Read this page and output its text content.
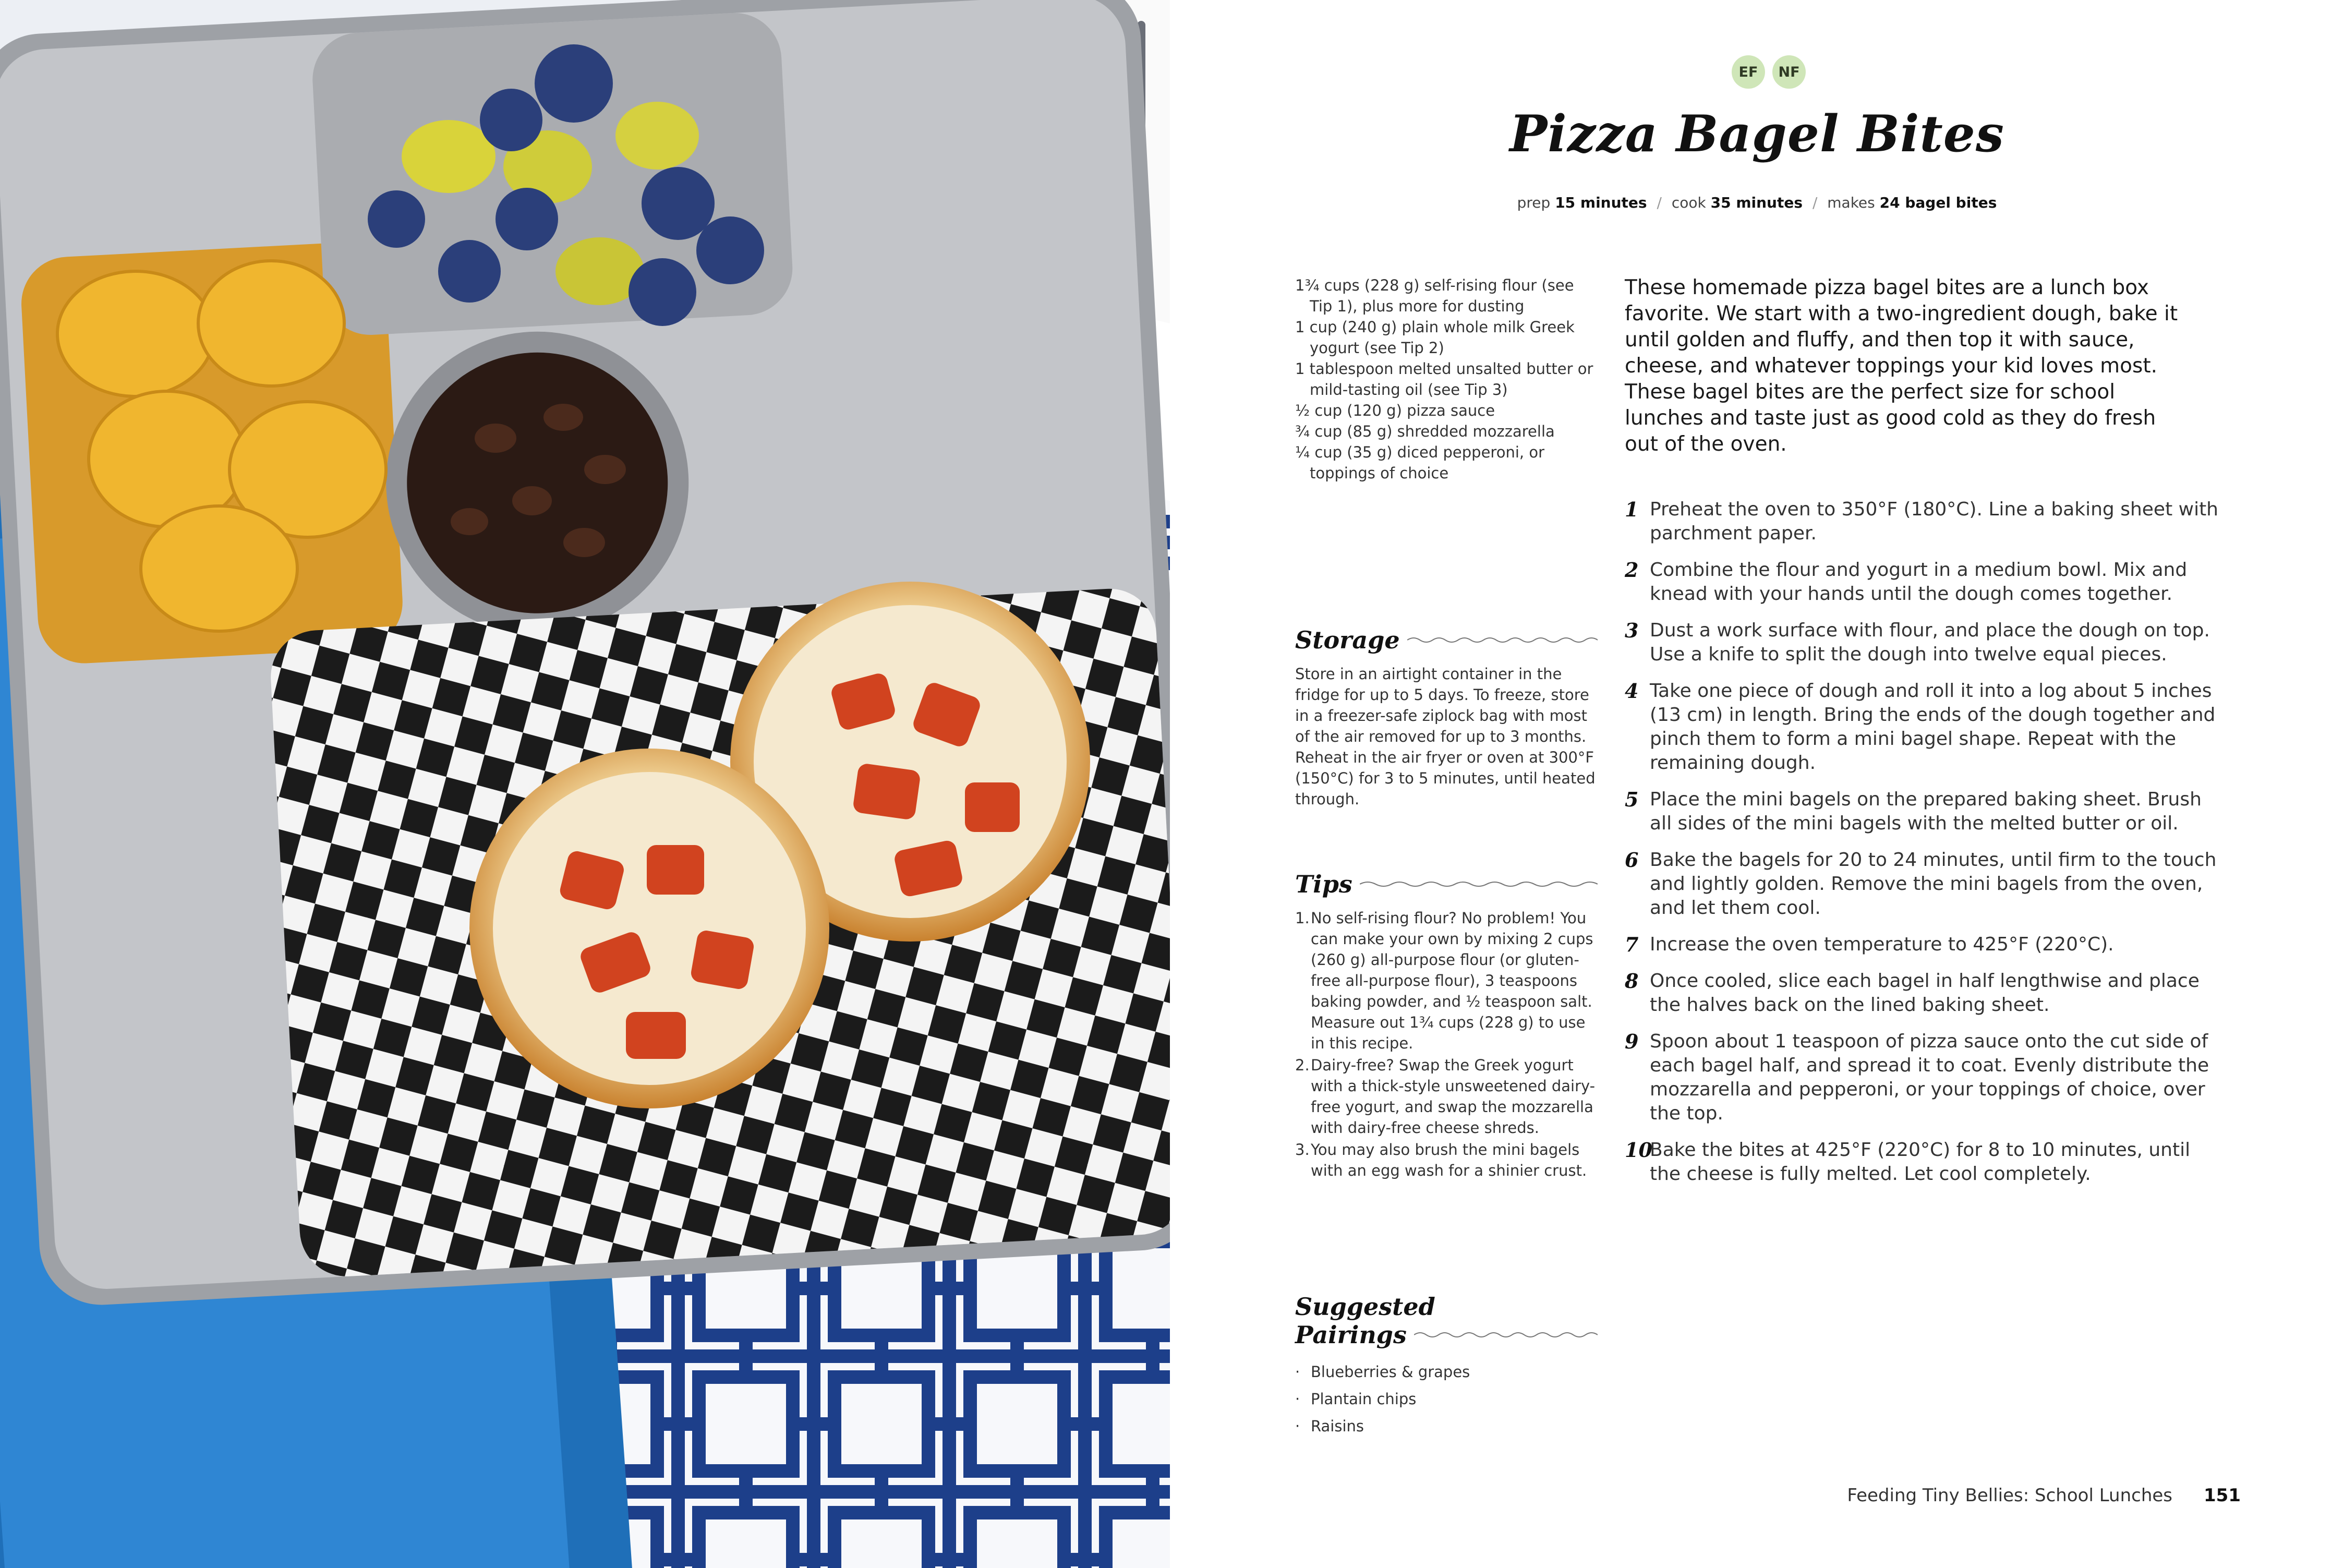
EF	NF
Pizza Bagel Bites
prep 15 minutes / cook 35 minutes / makes 24 bagel bites
1¾ cups (228 g) self-rising flour (see Tip 1), plus more for dusting
1 cup (240 g) plain whole milk Greek yogurt (see Tip 2)
1 tablespoon melted unsalted butter or mild-tasting oil (see Tip 3)
½ cup (120 g) pizza sauce
¾ cup (85 g) shredded mozzarella
¼ cup (35 g) diced pepperoni, or toppings of choice
Storage
Store in an airtight container in the fridge for up to 5 days. To freeze, store in a freezer-safe ziplock bag with most of the air removed for up to 3 months. Reheat in the air fryer or oven at 300°F (150°C) for 3 to 5 minutes, until heated through.
Tips
1. No self-rising flour? No problem! You can make your own by mixing 2 cups (260 g) all-purpose flour (or gluten-free all-purpose flour), 3 teaspoons baking powder, and ½ teaspoon salt. Measure out 1¾ cups (228 g) to use in this recipe.
2. Dairy-free? Swap the Greek yogurt with a thick-style unsweetened dairy-free yogurt, and swap the mozzarella with dairy-free cheese shreds.
3. You may also brush the mini bagels with an egg wash for a shinier crust.
Suggested
Pairings
· Blueberries & grapes
· Plantain chips
· Raisins
These homemade pizza bagel bites are a lunch box favorite. We start with a two-ingredient dough, bake it until golden and fluffy, and then top it with sauce, cheese, and whatever toppings your kid loves most. These bagel bites are the perfect size for school lunches and taste just as good cold as they do fresh out of the oven.
1 Preheat the oven to 350°F (180°C). Line a baking sheet with parchment paper.
2 Combine the flour and yogurt in a medium bowl. Mix and knead with your hands until the dough comes together.
3 Dust a work surface with flour, and place the dough on top. Use a knife to split the dough into twelve equal pieces.
4 Take one piece of dough and roll it into a log about 5 inches (13 cm) in length. Bring the ends of the dough together and pinch them to form a mini bagel shape. Repeat with the remaining dough.
5 Place the mini bagels on the prepared baking sheet. Brush all sides of the mini bagels with the melted butter or oil.
6 Bake the bagels for 20 to 24 minutes, until firm to the touch and lightly golden. Remove the mini bagels from the oven, and let them cool.
7 Increase the oven temperature to 425°F (220°C).
8 Once cooled, slice each bagel in half lengthwise and place the halves back on the lined baking sheet.
9 Spoon about 1 teaspoon of pizza sauce onto the cut side of each bagel half, and spread it to coat. Evenly distribute the mozzarella and pepperoni, or your toppings of choice, over the top.
10
Bake the bites at 425°F (220°C) for 8 to 10 minutes, until the cheese is fully melted. Let cool completely.
Feeding Tiny Bellies: School Lunches 151
